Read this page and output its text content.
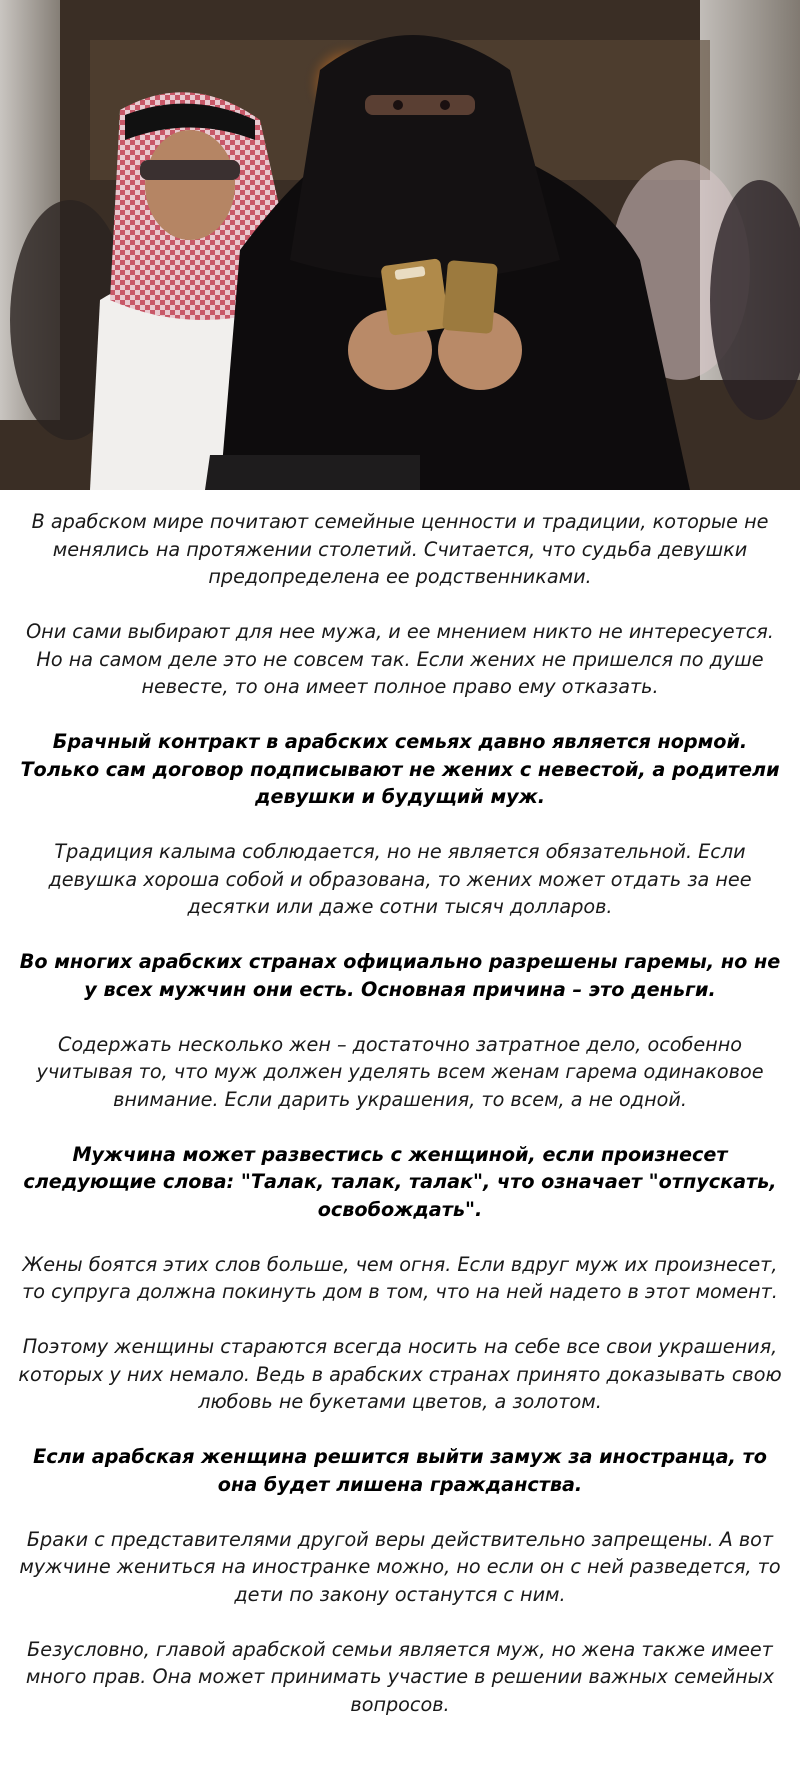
В арабском мире почитают семейные ценности и традиции, которые не менялись на протяжении столетий. Считается, что судьба девушки предопределена ее родственниками.

Они сами выбирают для нее мужа, и ее мнением никто не интересуется. Но на самом деле это не совсем так. Если жених не пришелся по душе невесте, то она имеет полное право ему отказать.

Брачный контракт в арабских семьях давно является нормой. Только сам договор подписывают не жених с невестой, а родители девушки и будущий муж.

Традиция калыма соблюдается, но не является обязательной. Если девушка хороша собой и образована, то жених может отдать за нее десятки или даже сотни тысяч долларов.

Во многих арабских странах официально разрешены гаремы, но не у всех мужчин они есть. Основная причина – это деньги.

Содержать несколько жен – достаточно затратное дело, особенно учитывая то, что муж должен уделять всем женам гарема одинаковое внимание. Если дарить украшения, то всем, а не одной.

Мужчина может развестись с женщиной, если произнесет следующие слова: "Талак, талак, талак", что означает "отпускать, освобождать".

Жены боятся этих слов больше, чем огня. Если вдруг муж их произнесет, то супруга должна покинуть дом в том, что на ней надето в этот момент.

Поэтому женщины стараются всегда носить на себе все свои украшения, которых у них немало. Ведь в арабских странах принято доказывать свою любовь не букетами цветов, а золотом.

Если арабская женщина решится выйти замуж за иностранца, то она будет лишена гражданства.

Браки с представителями другой веры действительно запрещены. А вот мужчине жениться на иностранке можно, но если он с ней разведется, то дети по закону останутся с ним.

Безусловно, главой арабской семьи является муж, но жена также имеет много прав. Она может принимать участие в решении важных семейных вопросов.
